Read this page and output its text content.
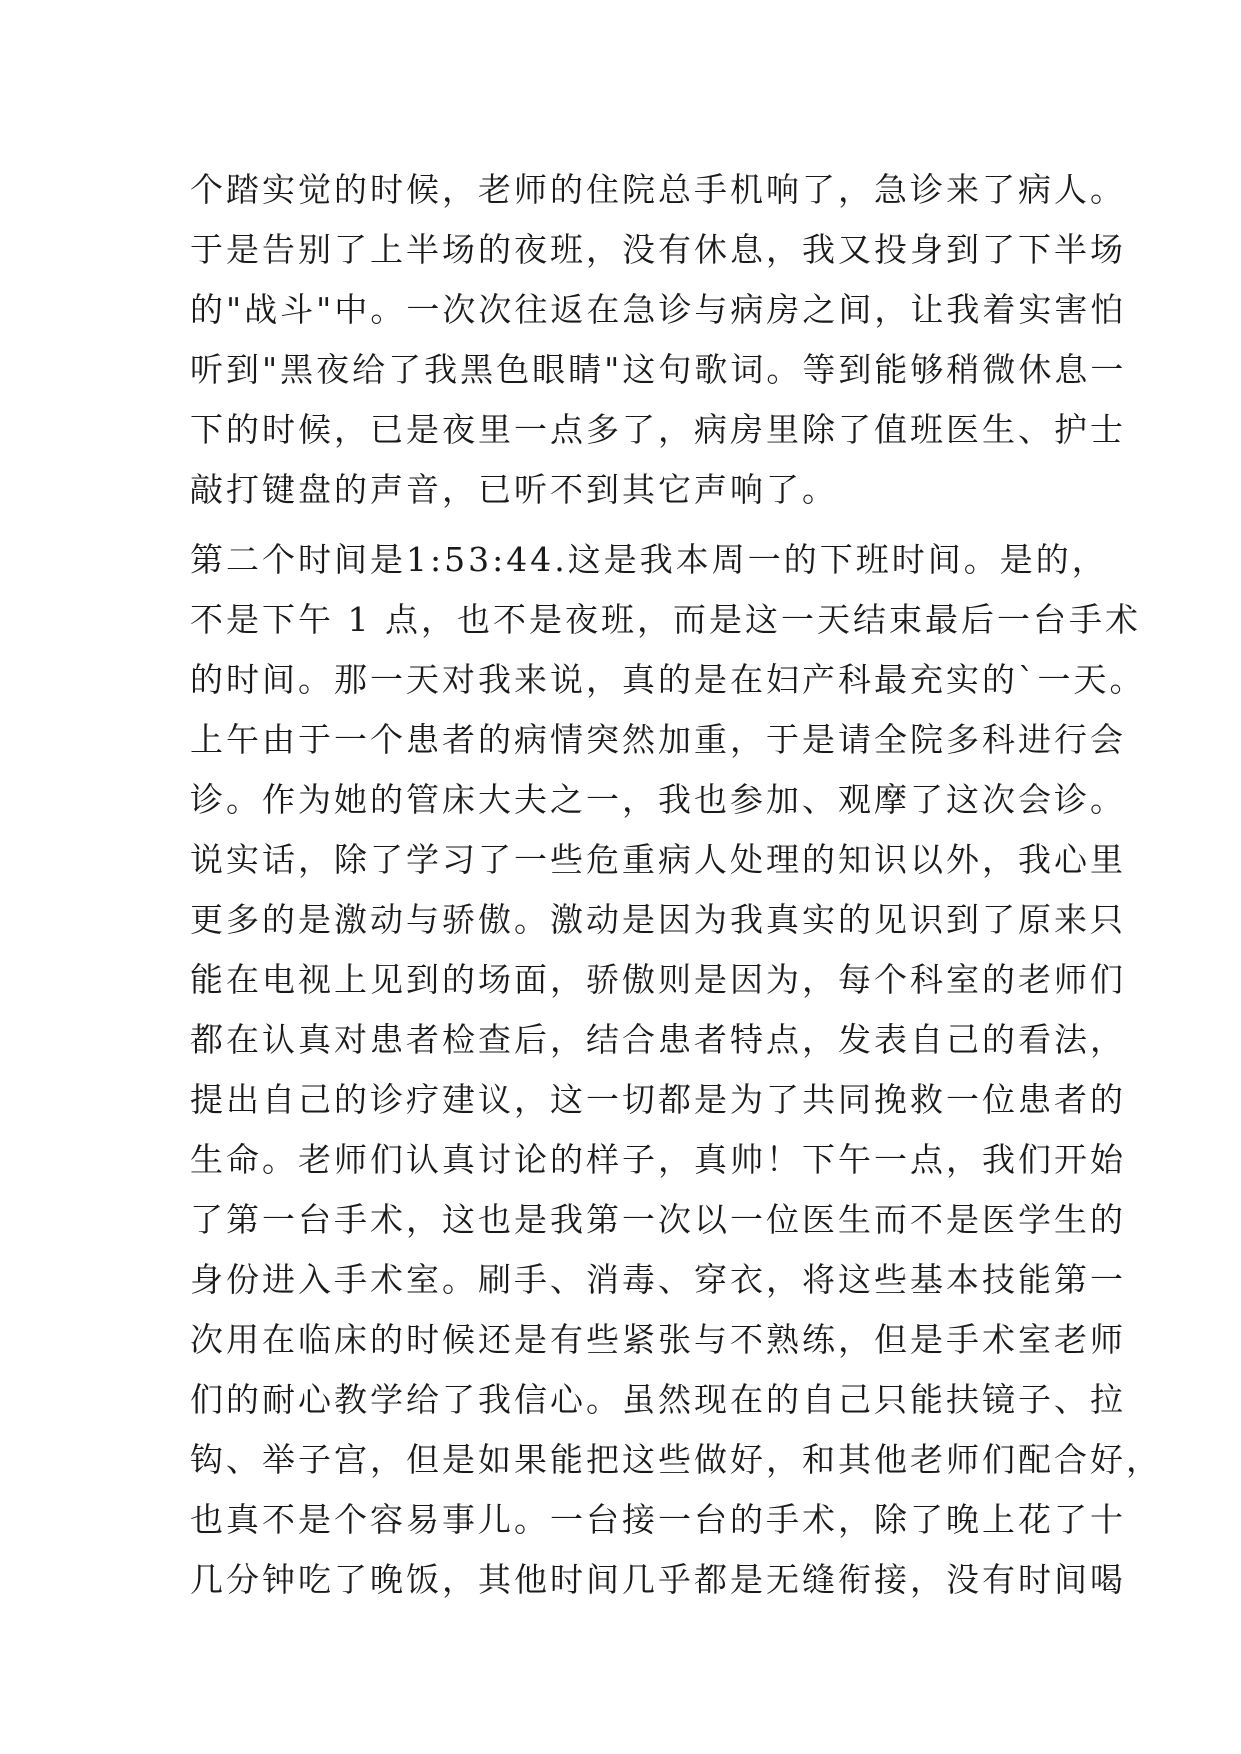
个踏实觉的时候，老师的住院总手机响了，急诊来了病人。
于是告别了上半场的夜班，没有休息，我又投身到了下半场
的"战斗"中。一次次往返在急诊与病房之间，让我着实害怕
听到"黑夜给了我黑色眼睛"这句歌词。等到能够稍微休息一
下的时候，已是夜里一点多了，病房里除了值班医生、护士
敲打键盘的声音，已听不到其它声响了。
第二个时间是1:53:44.这是我本周一的下班时间。是的，
不是下午 1 点，也不是夜班，而是这一天结束最后一台手术
的时间。那一天对我来说，真的是在妇产科最充实的`一天。
上午由于一个患者的病情突然加重，于是请全院多科进行会
诊。作为她的管床大夫之一，我也参加、观摩了这次会诊。
说实话，除了学习了一些危重病人处理的知识以外，我心里
更多的是激动与骄傲。激动是因为我真实的见识到了原来只
能在电视上见到的场面，骄傲则是因为，每个科室的老师们
都在认真对患者检查后，结合患者特点，发表自己的看法，
提出自己的诊疗建议，这一切都是为了共同挽救一位患者的
生命。老师们认真讨论的样子，真帅！下午一点，我们开始
了第一台手术，这也是我第一次以一位医生而不是医学生的
身份进入手术室。刷手、消毒、穿衣，将这些基本技能第一
次用在临床的时候还是有些紧张与不熟练，但是手术室老师
们的耐心教学给了我信心。虽然现在的自己只能扶镜子、拉
钩、举子宫，但是如果能把这些做好，和其他老师们配合好，
也真不是个容易事儿。一台接一台的手术，除了晚上花了十
几分钟吃了晚饭，其他时间几乎都是无缝衔接，没有时间喝
